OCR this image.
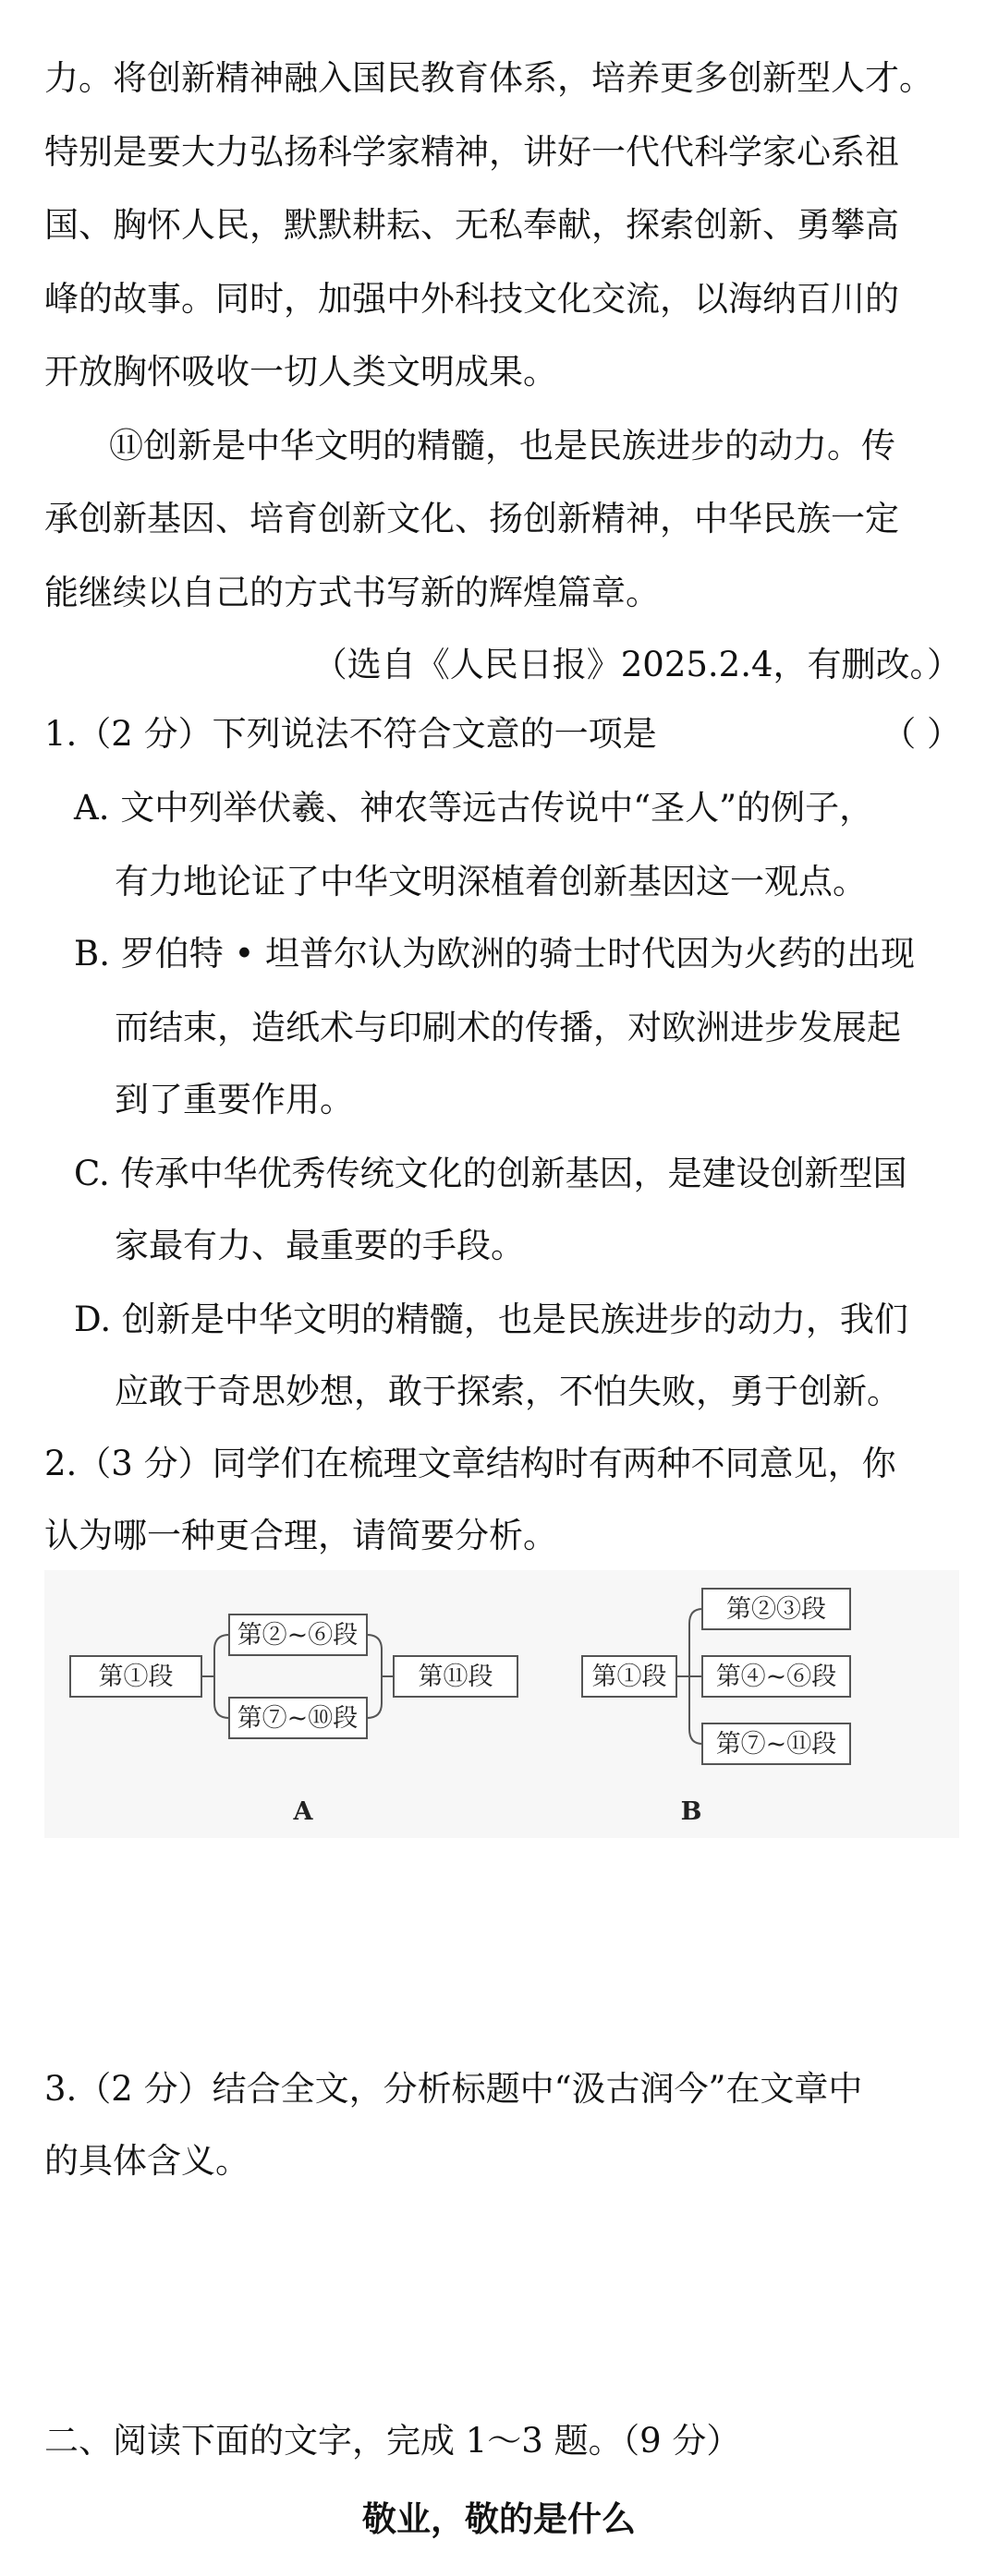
力。将创新精神融入国民教育体系，培养更多创新型人才。
特别是要大力弘扬科学家精神，讲好一代代科学家心系祖
国、胸怀人民，默默耕耘、无私奉献，探索创新、勇攀高
峰的故事。同时，加强中外科技文化交流，以海纳百川的
开放胸怀吸收一切人类文明成果。
⑪创新是中华文明的精髓，也是民族进步的动力。传
承创新基因、培育创新文化、扬创新精神，中华民族一定
能继续以自己的方式书写新的辉煌篇章。
（选自《人民日报》2025.2.4，有删改。）
1.（2 分）下列说法不符合文意的一项是	（ ）
A. 文中列举伏羲、神农等远古传说中“圣人”的例子，
有力地论证了中华文明深植着创新基因这一观点。
B. 罗伯特 • 坦普尔认为欧洲的骑士时代因为火药的出现
而结束，造纸术与印刷术的传播，对欧洲进步发展起
到了重要作用。
C. 传承中华优秀传统文化的创新基因，是建设创新型国
家最有力、最重要的手段。
D. 创新是中华文明的精髓，也是民族进步的动力，我们
应敢于奇思妙想，敢于探索，不怕失败，勇于创新。
2.（3 分）同学们在梳理文章结构时有两种不同意见，你
认为哪一种更合理，请简要分析。
第①段
第②~⑥段
第⑦~⑩段
第⑪段	第①段
第②③段
第④~⑥段
第⑦~⑪段
A	B
3.（2 分）结合全文，分析标题中“汲古润今”在文章中
的具体含义。
二、阅读下面的文字，完成 1～3 题。（9 分）
敬业，敬的是什么
